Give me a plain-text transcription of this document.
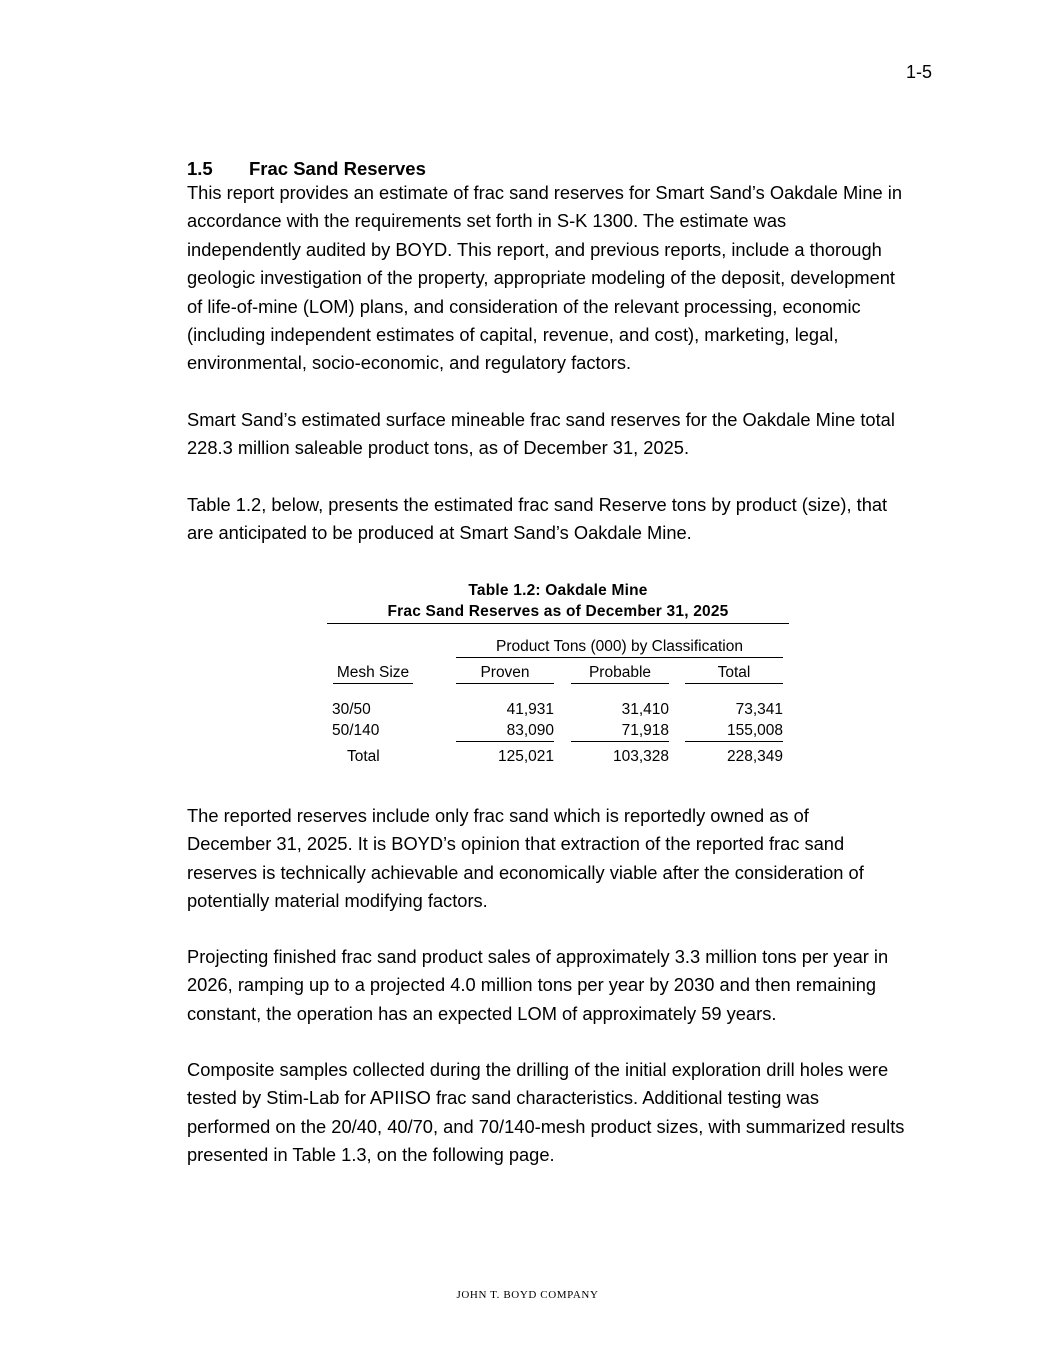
1-5
1.5 Frac Sand Reserves

This report provides an estimate of frac sand reserves for Smart Sand’s Oakdale Mine in
accordance with the requirements set forth in S-K 1300. The estimate was
independently audited by BOYD. This report, and previous reports, include a thorough
geologic investigation of the property, appropriate modeling of the deposit, development
of life-of-mine (LOM) plans, and consideration of the relevant processing, economic
(including independent estimates of capital, revenue, and cost), marketing, legal,
environmental, socio-economic, and regulatory factors.

Smart Sand’s estimated surface mineable frac sand reserves for the Oakdale Mine total
228.3 million saleable product tons, as of December 31, 2025.

Table 1.2, below, presents the estimated frac sand Reserve tons by product (size), that
are anticipated to be produced at Smart Sand’s Oakdale Mine.

Table 1.2: Oakdale Mine
Frac Sand Reserves as of December 31, 2025
Product Tons (000) by Classification
Mesh Size	Proven	Probable	Total
30/50	41,931	31,410	73,341
50/140	83,090	71,918	155,008
Total	125,021	103,328	228,349

The reported reserves include only frac sand which is reportedly owned as of
December 31, 2025. It is BOYD’s opinion that extraction of the reported frac sand
reserves is technically achievable and economically viable after the consideration of
potentially material modifying factors.

Projecting finished frac sand product sales of approximately 3.3 million tons per year in
2026, ramping up to a projected 4.0 million tons per year by 2030 and then remaining
constant, the operation has an expected LOM of approximately 59 years.

Composite samples collected during the drilling of the initial exploration drill holes were
tested by Stim-Lab for APIISO frac sand characteristics. Additional testing was
performed on the 20/40, 40/70, and 70/140-mesh product sizes, with summarized results
presented in Table 1.3, on the following page.

JOHN T. BOYD COMPANY
